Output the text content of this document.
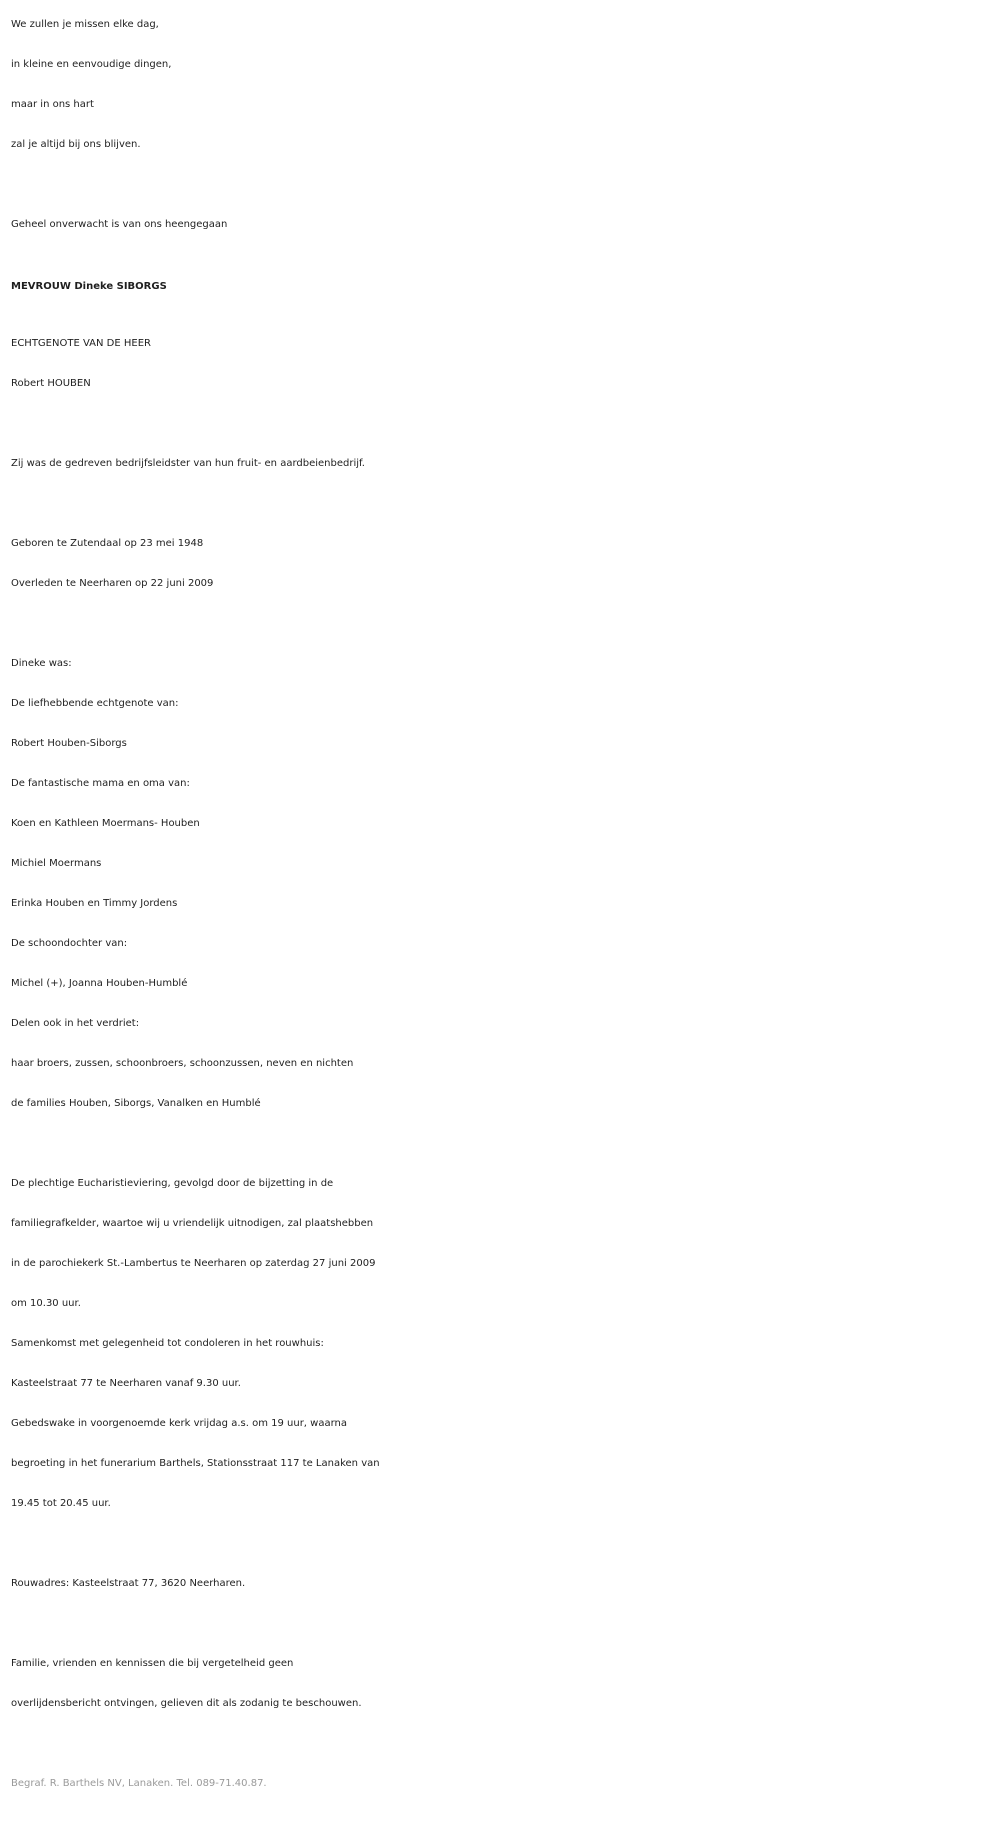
We zullen je missen elke dag,
in kleine en eenvoudige dingen,
maar in ons hart
zal je altijd bij ons blijven.
Geheel onverwacht is van ons heengegaan
MEVROUW Dineke SIBORGS
ECHTGENOTE VAN DE HEER
Robert HOUBEN
Zij was de gedreven bedrijfsleidster van hun fruit- en aardbeienbedrijf.
Geboren te Zutendaal op 23 mei 1948
Overleden te Neerharen op 22 juni 2009
Dineke was:
De liefhebbende echtgenote van:
Robert Houben-Siborgs
De fantastische mama en oma van:
Koen en Kathleen Moermans- Houben
Michiel Moermans
Erinka Houben en Timmy Jordens
De schoondochter van:
Michel (+), Joanna Houben-Humblé
Delen ook in het verdriet:
haar broers, zussen, schoonbroers, schoonzussen, neven en nichten
de families Houben, Siborgs, Vanalken en Humblé
De plechtige Eucharistieviering, gevolgd door de bijzetting in de
familiegrafkelder, waartoe wij u vriendelijk uitnodigen, zal plaatshebben
in de parochiekerk St.-Lambertus te Neerharen op zaterdag 27 juni 2009
om 10.30 uur.
Samenkomst met gelegenheid tot condoleren in het rouwhuis:
Kasteelstraat 77 te Neerharen vanaf 9.30 uur.
Gebedswake in voorgenoemde kerk vrijdag a.s. om 19 uur, waarna
begroeting in het funerarium Barthels, Stationsstraat 117 te Lanaken van
19.45 tot 20.45 uur.
Rouwadres: Kasteelstraat 77, 3620 Neerharen.
Familie, vrienden en kennissen die bij vergetelheid geen
overlijdensbericht ontvingen, gelieven dit als zodanig te beschouwen.
Begraf. R. Barthels NV, Lanaken. Tel. 089-71.40.87.
